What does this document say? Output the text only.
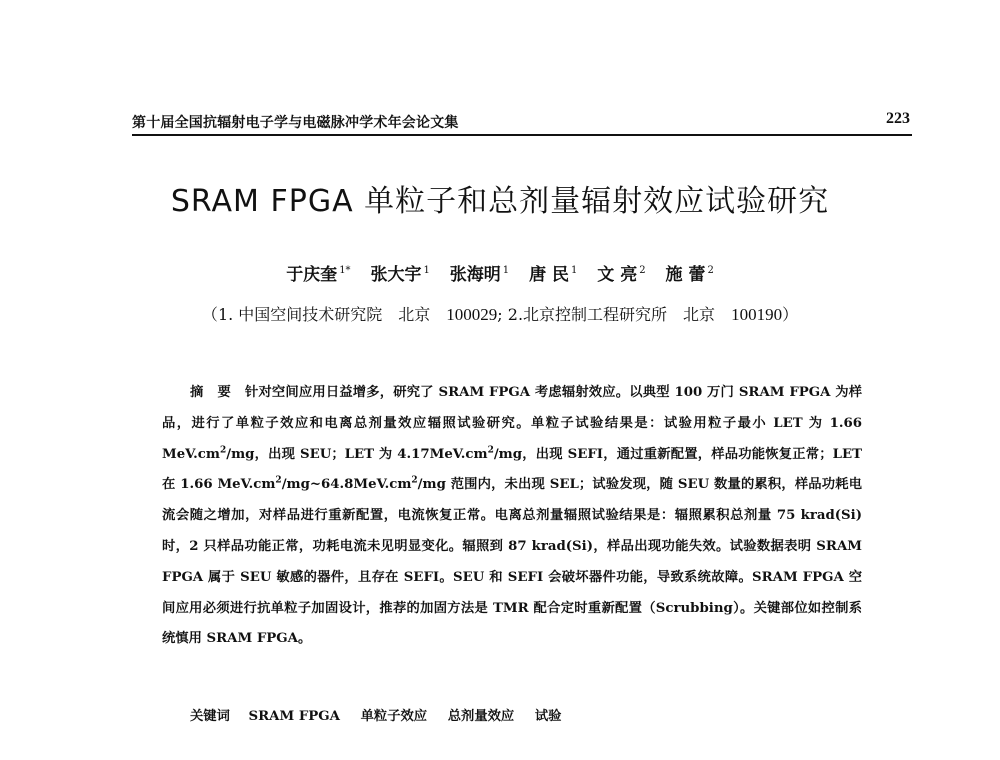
第十届全国抗辐射电子学与电磁脉冲学术年会论文集	223
SRAM FPGA 单粒子和总剂量辐射效应试验研究
于庆奎 $^{1*}$ 张大宇 $^1$ 张海明 $^1$ 唐 民 $^1$ 文 亮 $^2$ 施 蕾 $^2$
（1. 中国空间技术研究院　北京　100029; 2.北京控制工程研究所　北京　100190）
摘要针对空间应用日益增多，研究了 SRAM FPGA 考虑辐射效应。以典型 100 万门 SRAM FPGA 为样品，进行了单粒子效应和电离总剂量效应辐照试验研究。单粒子试验结果是：试验用粒子最小 LET 为 1.66 $MeV.cm^2/mg$，出现 SEU；LET 为 $4.17MeV.cm^2/mg$，出现 SEFI，通过重新配置，样品功能恢复正常；LET 在 1.66 $MeV.cm^2/mg\sim 64.8MeV.cm^2/mg$ 范围内，未出现 SEL；试验发现，随 SEU 数量的累积，样品功耗电流会随之增加，对样品进行重新配置，电流恢复正常。电离总剂量辐照试验结果是：辐照累积总剂量 75 krad(Si)时，2 只样品功能正常，功耗电流未见明显变化。辐照到 87 krad(Si)，样品出现功能失效。试验数据表明 SRAM FPGA 属于 SEU 敏感的器件，且存在 SEFI。SEU 和 SEFI 会破坏器件功能，导致系统故障。SRAM FPGA 空间应用必须进行抗单粒子加固设计，推荐的加固方法是 TMR 配合定时重新配置（Scrubbing）。关键部位如控制系统慎用 SRAM FPGA。
关键词 SRAM FPGA 单粒子效应 总剂量效应 试验
